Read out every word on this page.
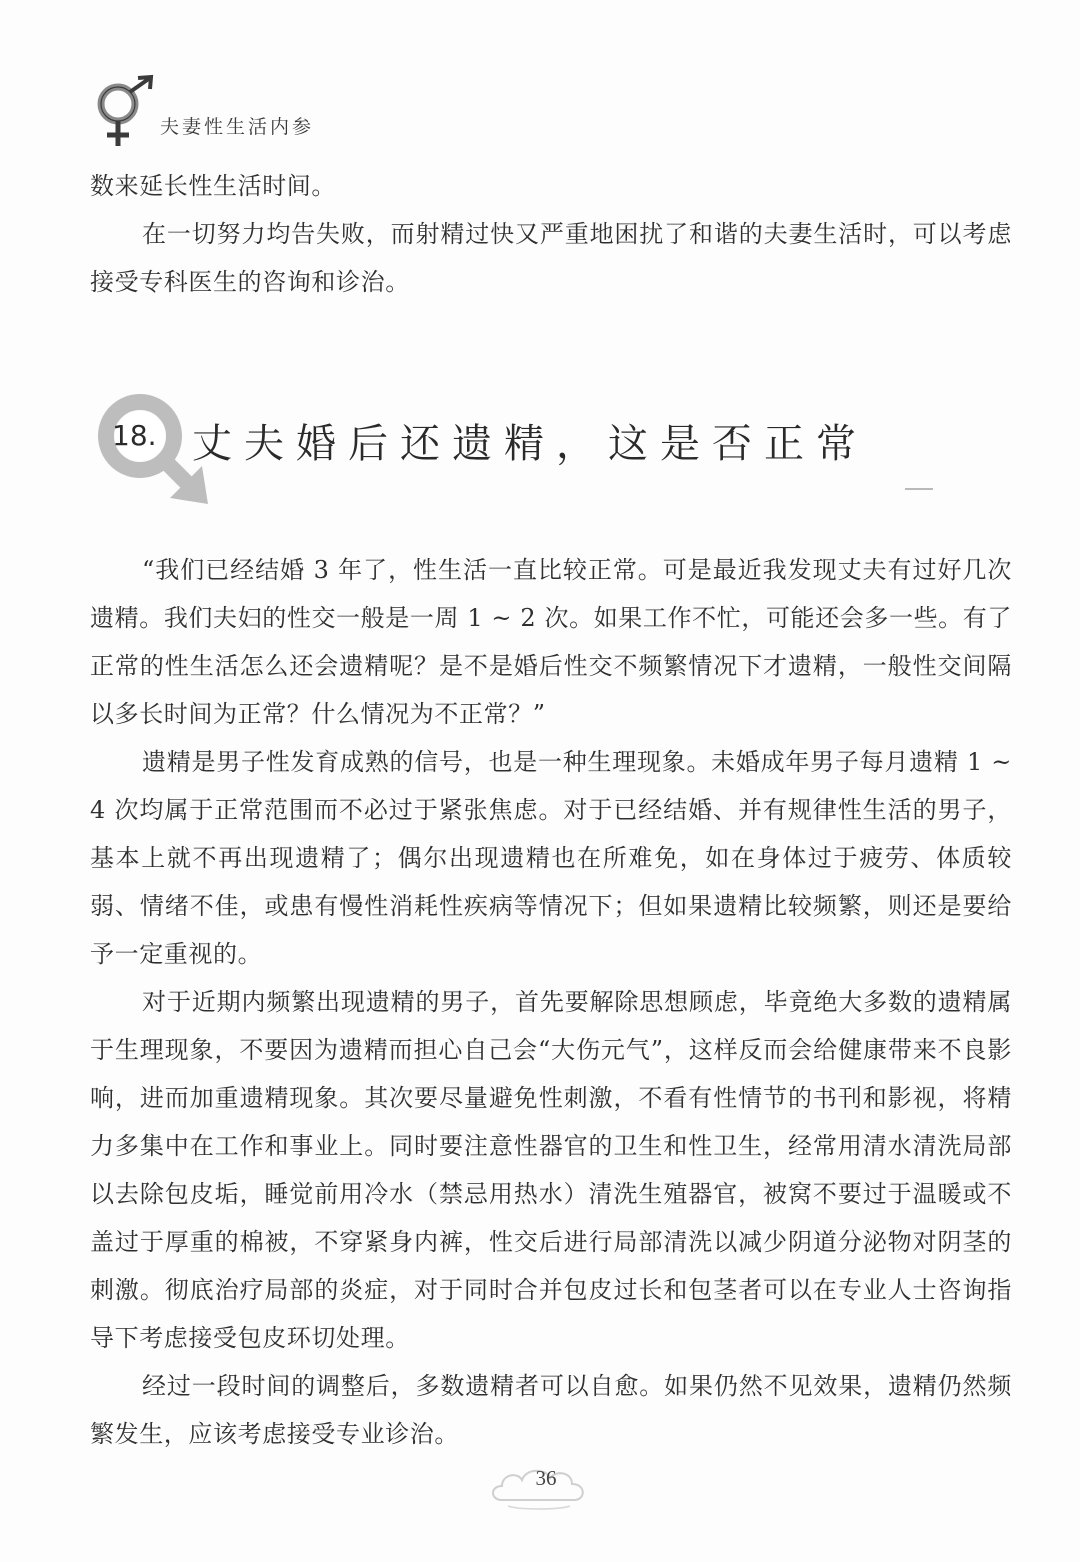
夫妻性生活内参
数来延长性生活时间。
在一切努力均告失败，而射精过快又严重地困扰了和谐的夫妻生活时，可以考虑接受专科医生的咨询和诊治。
18. 丈夫婚后还遗精，这是否正常
“我们已经结婚 3 年了，性生活一直比较正常。可是最近我发现丈夫有过好几次遗精。我们夫妇的性交一般是一周 1 ~ 2 次。如果工作不忙，可能还会多一些。有了正常的性生活怎么还会遗精呢？是不是婚后性交不频繁情况下才遗精，一般性交间隔以多长时间为正常？什么情况为不正常？”
遗精是男子性发育成熟的信号，也是一种生理现象。未婚成年男子每月遗精 1 ~ 4 次均属于正常范围而不必过于紧张焦虑。对于已经结婚、并有规律性生活的男子，基本上就不再出现遗精了；偶尔出现遗精也在所难免，如在身体过于疲劳、体质较弱、情绪不佳，或患有慢性消耗性疾病等情况下；但如果遗精比较频繁，则还是要给予一定重视的。
对于近期内频繁出现遗精的男子，首先要解除思想顾虑，毕竟绝大多数的遗精属于生理现象，不要因为遗精而担心自己会“大伤元气”，这样反而会给健康带来不良影响，进而加重遗精现象。其次要尽量避免性刺激，不看有性情节的书刊和影视，将精力多集中在工作和事业上。同时要注意性器官的卫生和性卫生，经常用清水清洗局部以去除包皮垢，睡觉前用冷水（禁忌用热水）清洗生殖器官，被窝不要过于温暖或不盖过于厚重的棉被，不穿紧身内裤，性交后进行局部清洗以减少阴道分泌物对阴茎的刺激。彻底治疗局部的炎症，对于同时合并包皮过长和包茎者可以在专业人士咨询指导下考虑接受包皮环切处理。
经过一段时间的调整后，多数遗精者可以自愈。如果仍然不见效果，遗精仍然频繁发生，应该考虑接受专业诊治。
36
